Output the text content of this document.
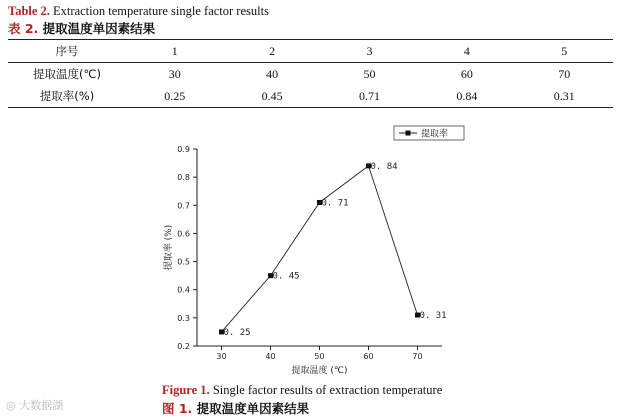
Table 2. Extraction temperature single factor results
表 2. 提取温度单因素结果
序号	1	2	3	4	5
提取温度(℃)	30	40	50	60	70
提取率(%)	0.25	0.45	0.71	0.84	0.31
0.2
0.3
0.4
0.5
0.6
0.7
0.8
0.9
30	40	50	60	70
提取温度 (℃)
提取率 (%)
0. 25
0. 45
0. 71
0. 84
0. 31
提取率
Figure 1. Single factor results of extraction temperature
图 1. 提取温度单因素结果
◎ 大数据湖
